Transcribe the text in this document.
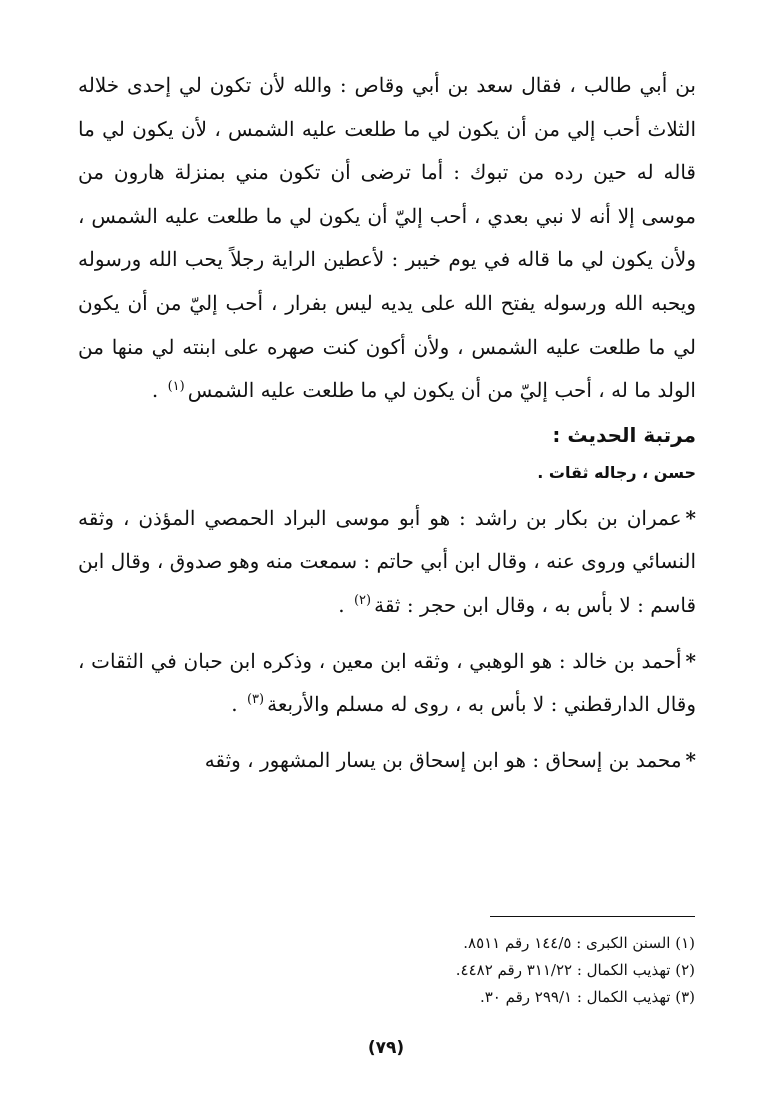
بن أبي طالب ، فقال سعد بن أبي وقاص : والله لأن تكون لي إحدى خلاله الثلاث أحب إلي من أن يكون لي ما طلعت عليه الشمس ، لأن يكون لي ما قاله له حين رده من تبوك : أما ترضى أن تكون مني بمنزلة هارون من موسى إلا أنه لا نبي بعدي ، أحب إليّ أن يكون لي ما طلعت عليه الشمس ، ولأن يكون لي ما قاله في يوم خيبر : لأعطين الراية رجلاً يحب الله ورسوله ويحبه الله ورسوله يفتح الله على يديه ليس بفرار ، أحب إليّ من أن يكون لي ما طلعت عليه الشمس ، ولأن أكون كنت صهره على ابنته لي منها من الولد ما له ، أحب إليّ من أن يكون لي ما طلعت عليه الشمس$^{(١)}$ .

مرتبة الحديث :
حسن ، رجاله ثقات .

*عمران بن بكار بن راشد : هو أبو موسى البراد الحمصي المؤذن ، وثقه النسائي وروى عنه ، وقال ابن أبي حاتم : سمعت منه وهو صدوق ، وقال ابن قاسم : لا بأس به ، وقال ابن حجر : ثقة$^{(٢)}$ .

*أحمد بن خالد : هو الوهبي ، وثقه ابن معين ، وذكره ابن حبان في الثقات ، وقال الدارقطني : لا بأس به ، روى له مسلم والأربعة$^{(٣)}$ .

*محمد بن إسحاق : هو ابن إسحاق بن يسار المشهور ، وثقه

(١) السنن الكبرى : ١٤٤/٥ رقم ٨٥١١.
(٢) تهذيب الكمال : ٣١١/٢٢ رقم ٤٤٨٢.
(٣) تهذيب الكمال : ٢٩٩/١ رقم ٣٠.
(٧٩)
